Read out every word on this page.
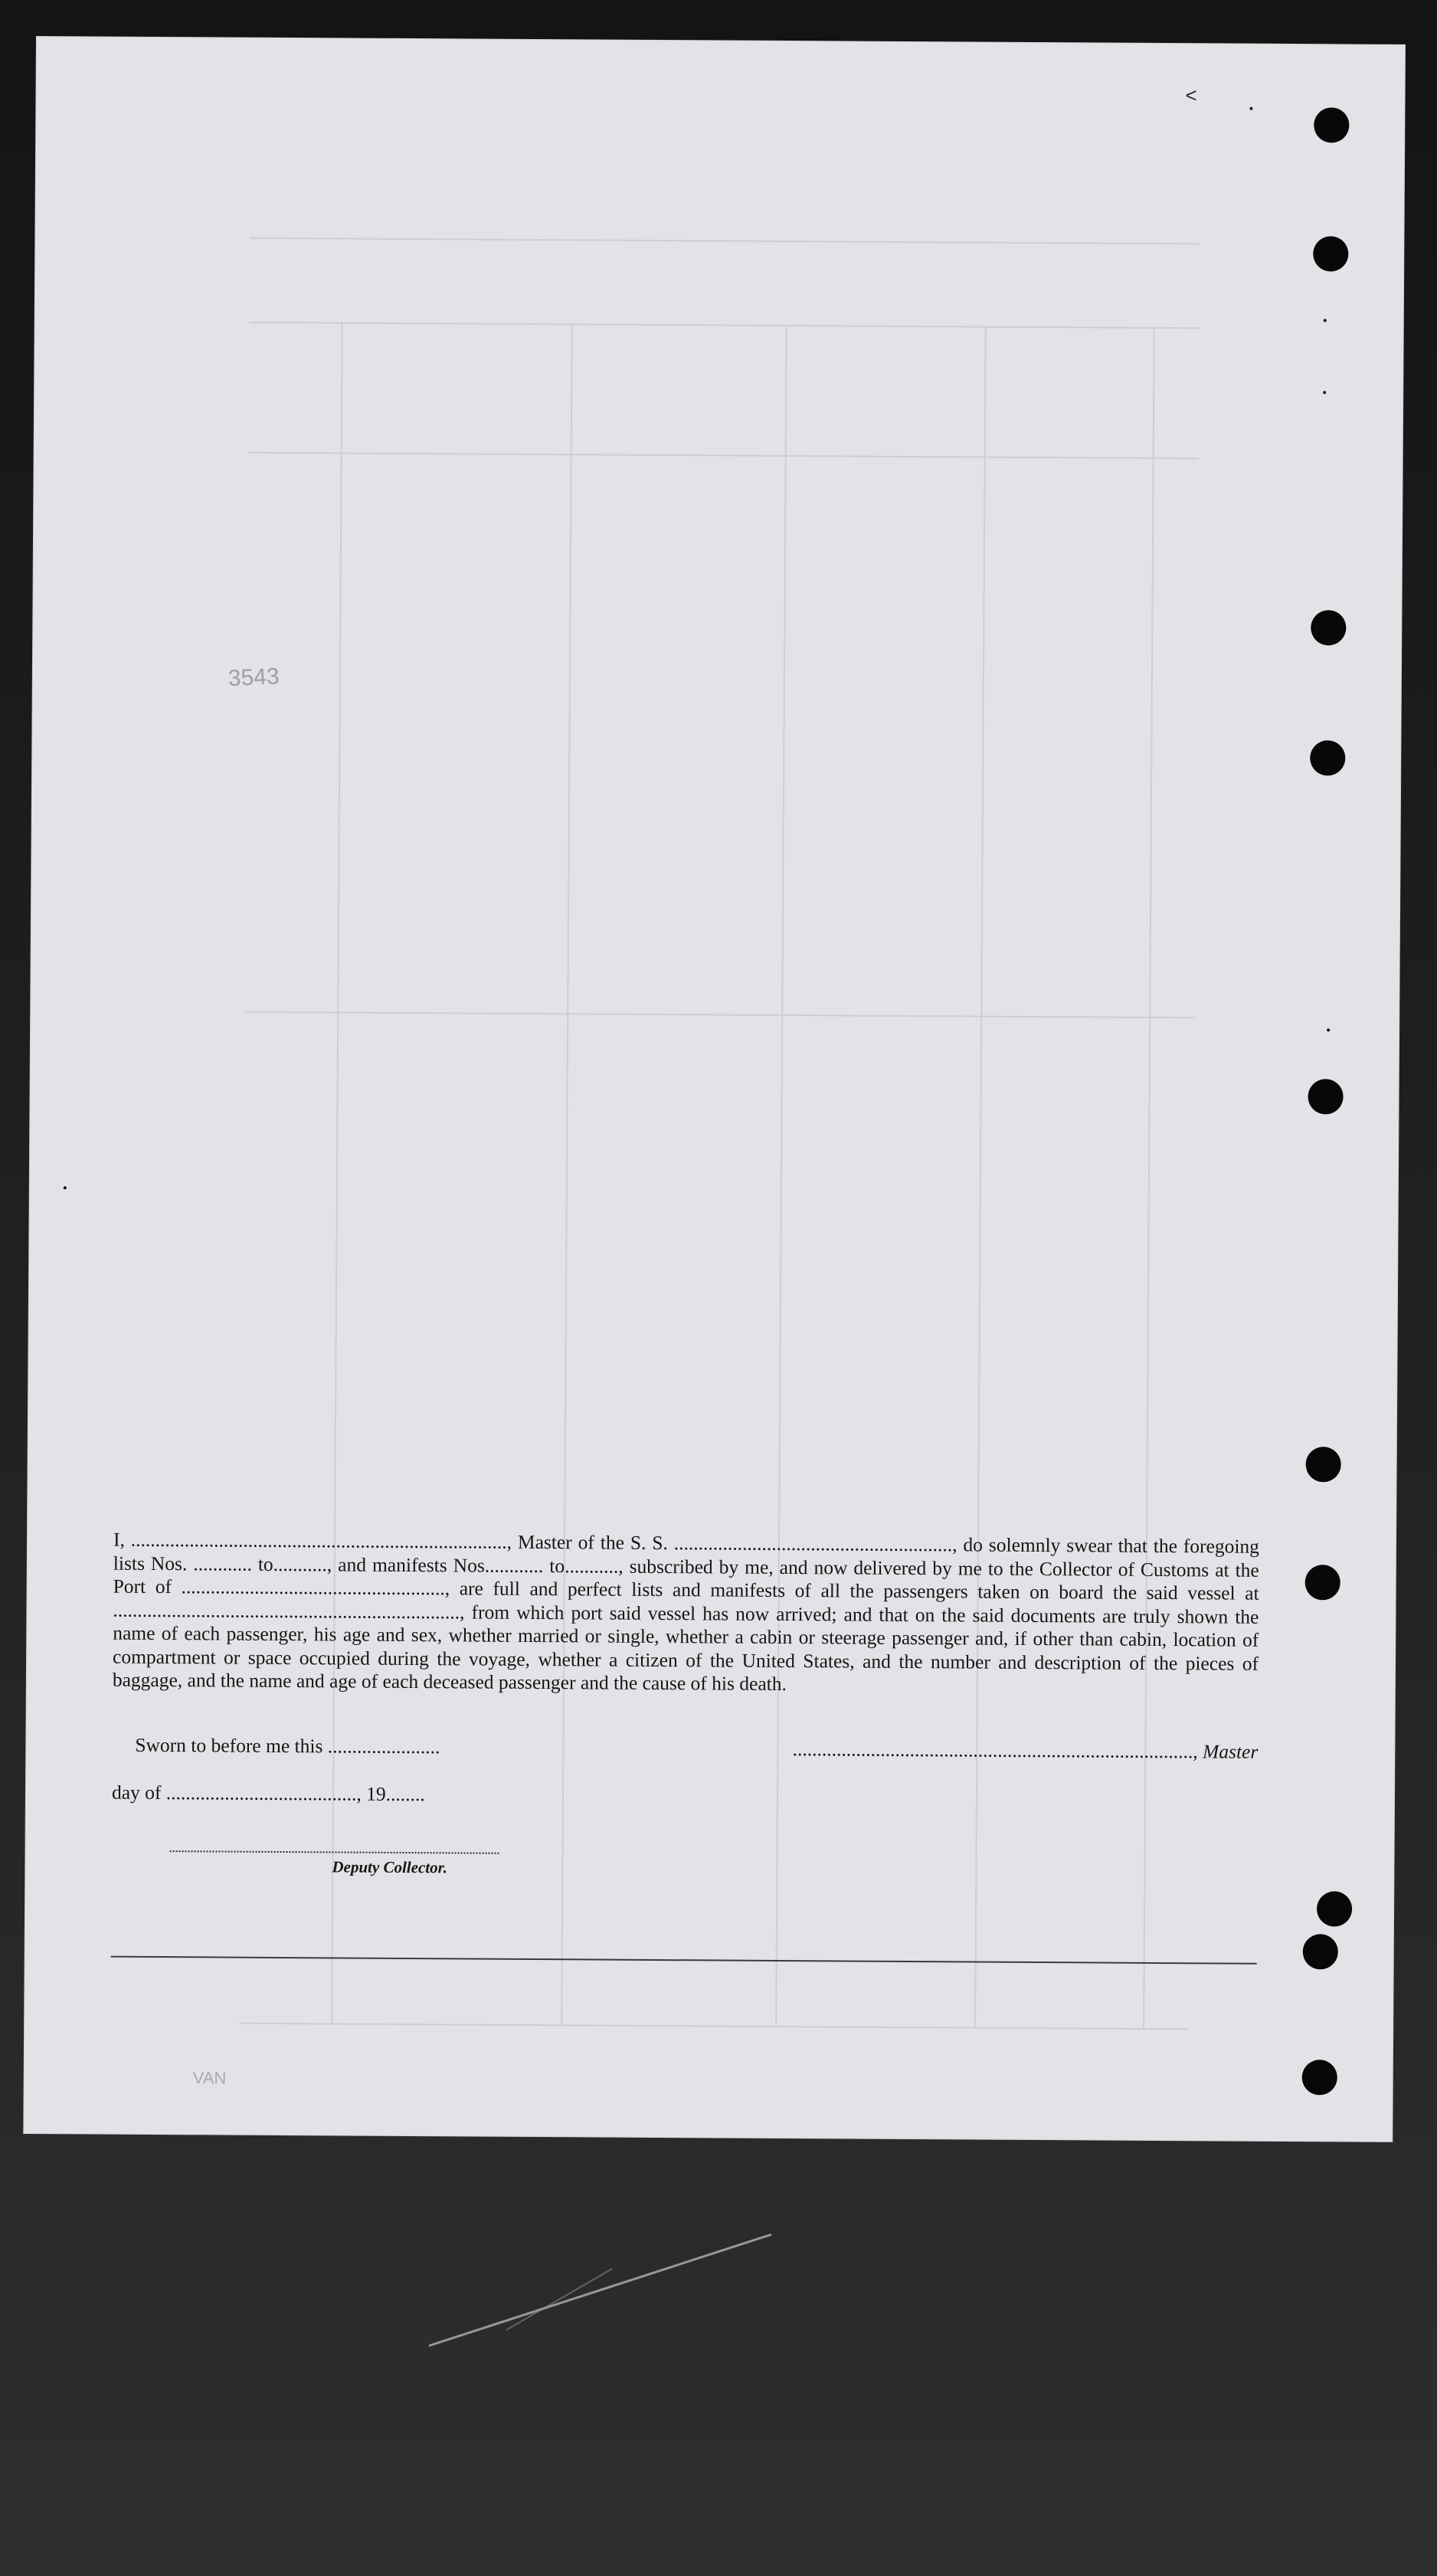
<
3543

I, ............................................................................., Master of the S. S. ........................................................., do solemnly swear that the foregoing lists Nos. ............ to..........., and manifests Nos............ to..........., subscribed by me, and now delivered by me to the Collector of Customs at the Port of ......................................................, are full and perfect lists and manifests of all the passengers taken on board the said vessel at ......................................................................., from which port said vessel has now arrived; and that on the said documents are truly shown the name of each passenger, his age and sex, whether married or single, whether a cabin or steerage passenger and, if other than cabin, location of compartment or space occupied during the voyage, whether a citizen of the United States, and the number and description of the pieces of baggage, and the name and age of each deceased passenger and the cause of his death.

Sworn to before me this .......................	.................................................................................., Master
day of ......................................., 19........
Deputy Collector.
VAN
